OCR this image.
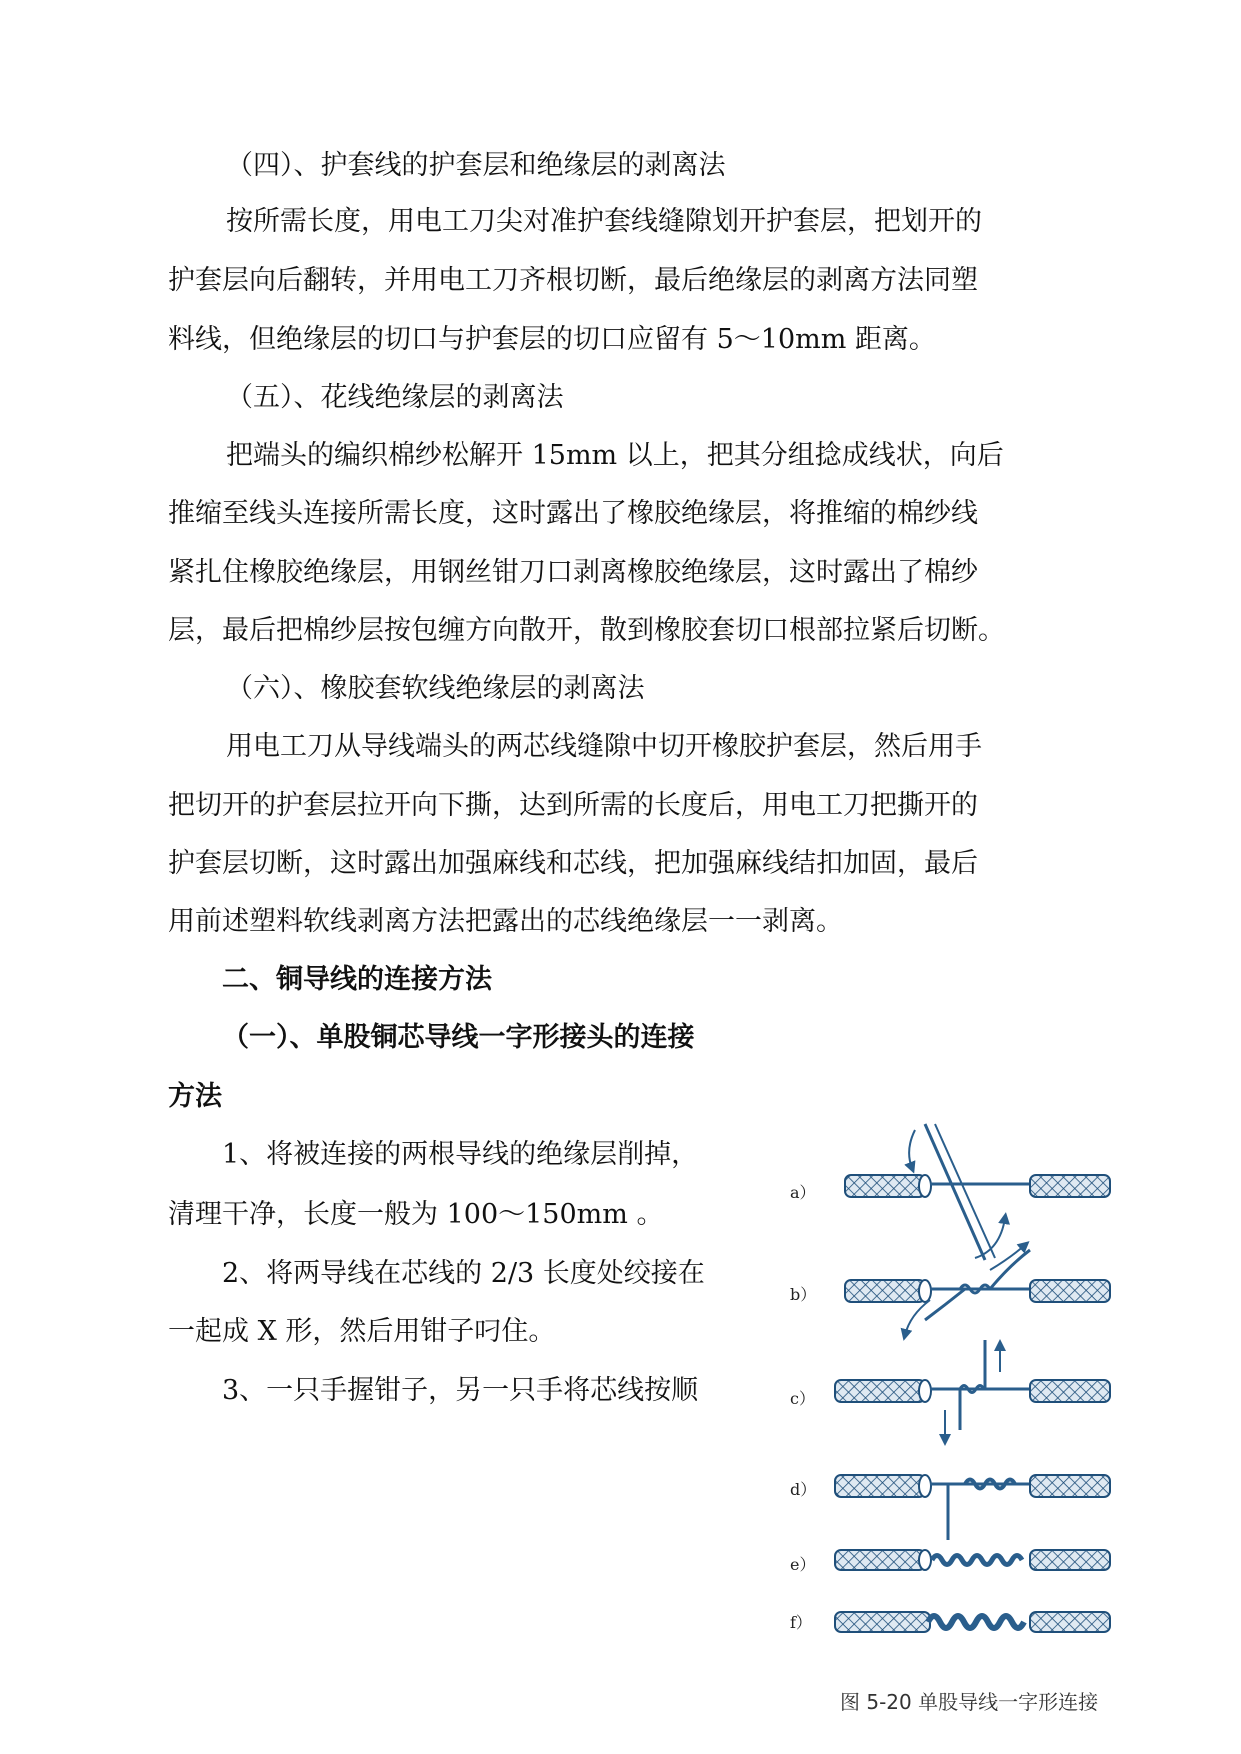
（四）、护套线的护套层和绝缘层的剥离法
按所需长度，用电工刀尖对准护套线缝隙划开护套层，把划开的
护套层向后翻转，并用电工刀齐根切断，最后绝缘层的剥离方法同塑
料线，但绝缘层的切口与护套层的切口应留有 5～10mm 距离。
（五）、花线绝缘层的剥离法
把端头的编织棉纱松解开 15mm 以上，把其分组捻成线状，向后
推缩至线头连接所需长度，这时露出了橡胶绝缘层，将推缩的棉纱线
紧扎住橡胶绝缘层，用钢丝钳刀口剥离橡胶绝缘层，这时露出了棉纱
层，最后把棉纱层按包缠方向散开，散到橡胶套切口根部拉紧后切断。
（六）、橡胶套软线绝缘层的剥离法
用电工刀从导线端头的两芯线缝隙中切开橡胶护套层，然后用手
把切开的护套层拉开向下撕，达到所需的长度后，用电工刀把撕开的
护套层切断，这时露出加强麻线和芯线，把加强麻线结扣加固，最后
用前述塑料软线剥离方法把露出的芯线绝缘层一一剥离。
二、铜导线的连接方法
（一）、单股铜芯导线一字形接头的连接
方法
1、将被连接的两根导线的绝缘层削掉，
清理干净，长度一般为 100～150mm 。
2、将两导线在芯线的 2/3 长度处绞接在
一起成 X 形，然后用钳子叼住。
3、一只手握钳子，另一只手将芯线按顺
a）
b）
c）
d）
e）
f）
图 5-20 单股导线一字形连接
